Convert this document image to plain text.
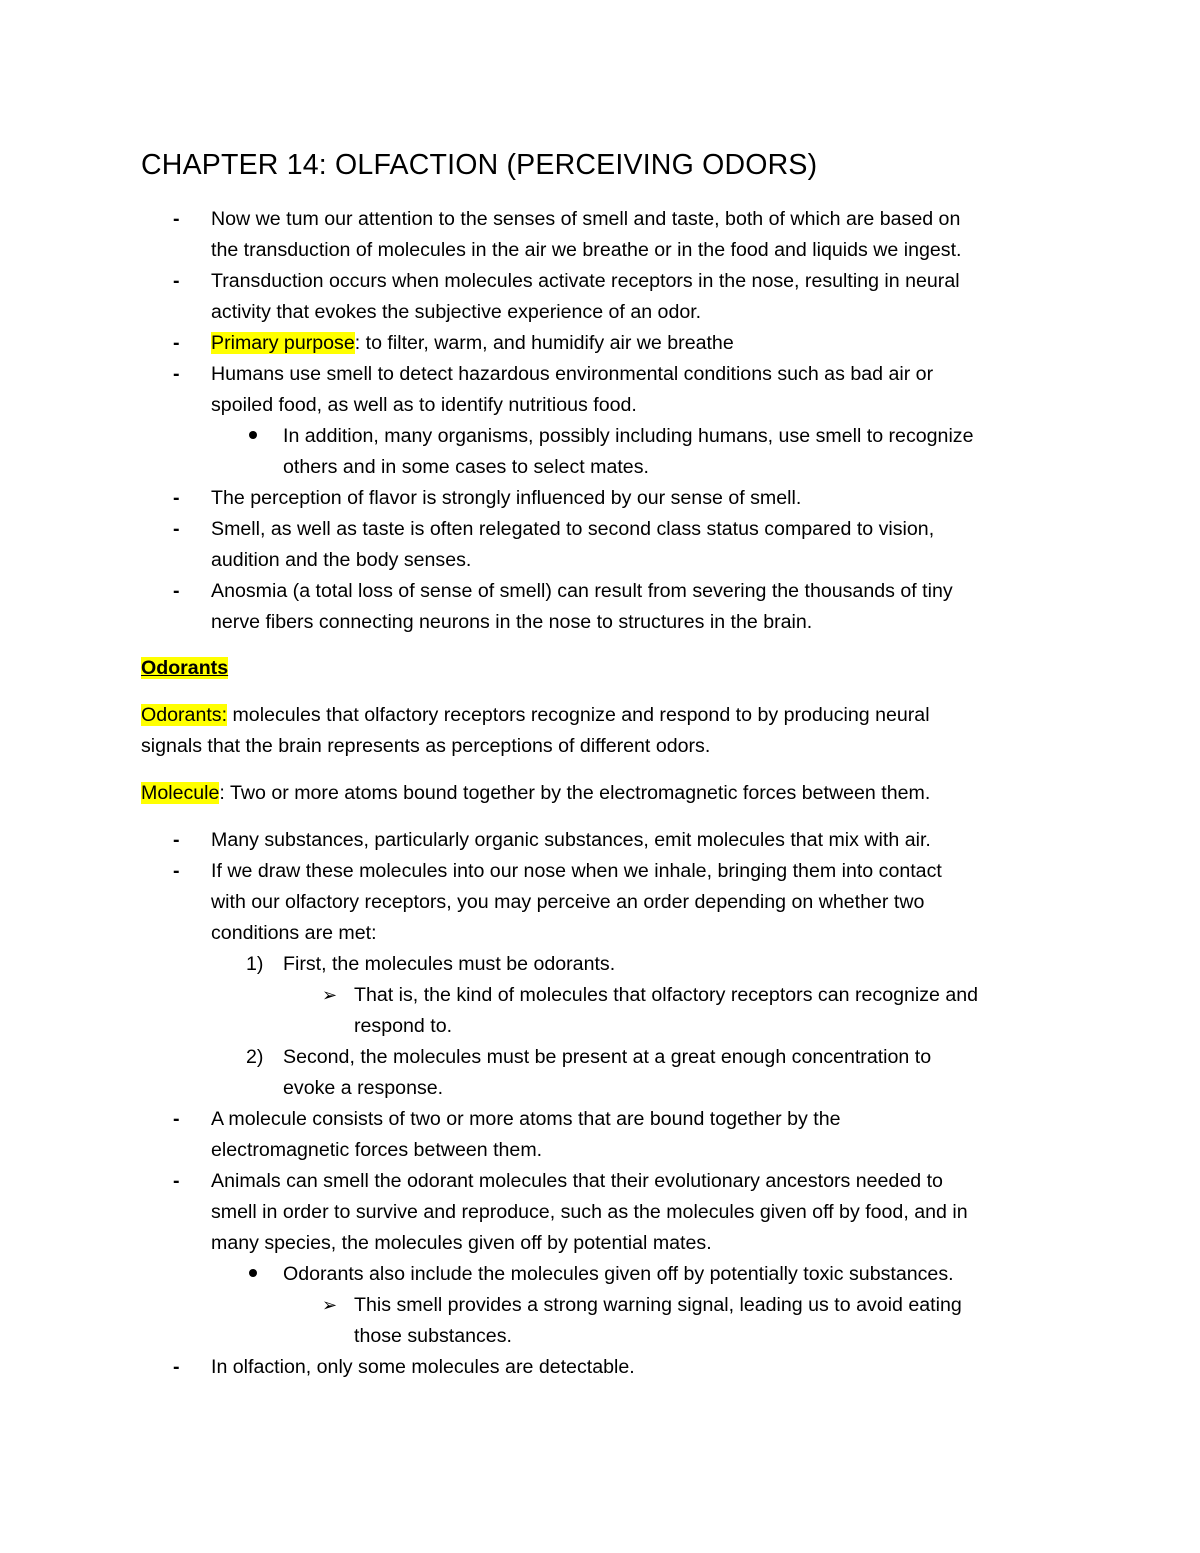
CHAPTER 14: OLFACTION (PERCEIVING ODORS)
- Now we tum our attention to the senses of smell and taste, both of which are based on
the transduction of molecules in the air we breathe or in the food and liquids we ingest.
- Transduction occurs when molecules activate receptors in the nose, resulting in neural
activity that evokes the subjective experience of an odor.
- Primary purpose: to filter, warm, and humidify air we breathe
- Humans use smell to detect hazardous environmental conditions such as bad air or
spoiled food, as well as to identify nutritious food.
In addition, many organisms, possibly including humans, use smell to recognize
others and in some cases to select mates.
- The perception of flavor is strongly influenced by our sense of smell.
- Smell, as well as taste is often relegated to second class status compared to vision,
audition and the body senses.
- Anosmia (a total loss of sense of smell) can result from severing the thousands of tiny
nerve fibers connecting neurons in the nose to structures in the brain.
Odorants
Odorants: molecules that olfactory receptors recognize and respond to by producing neural
signals that the brain represents as perceptions of different odors.
Molecule: Two or more atoms bound together by the electromagnetic forces between them.
- Many substances, particularly organic substances, emit molecules that mix with air.
- If we draw these molecules into our nose when we inhale, bringing them into contact
with our olfactory receptors, you may perceive an order depending on whether two
conditions are met:
1) First, the molecules must be odorants.
➢ That is, the kind of molecules that olfactory receptors can recognize and
respond to.
2) Second, the molecules must be present at a great enough concentration to
evoke a response.
- A molecule consists of two or more atoms that are bound together by the
electromagnetic forces between them.
- Animals can smell the odorant molecules that their evolutionary ancestors needed to
smell in order to survive and reproduce, such as the molecules given off by food, and in
many species, the molecules given off by potential mates.
Odorants also include the molecules given off by potentially toxic substances.
➢ This smell provides a strong warning signal, leading us to avoid eating
those substances.
- In olfaction, only some molecules are detectable.
